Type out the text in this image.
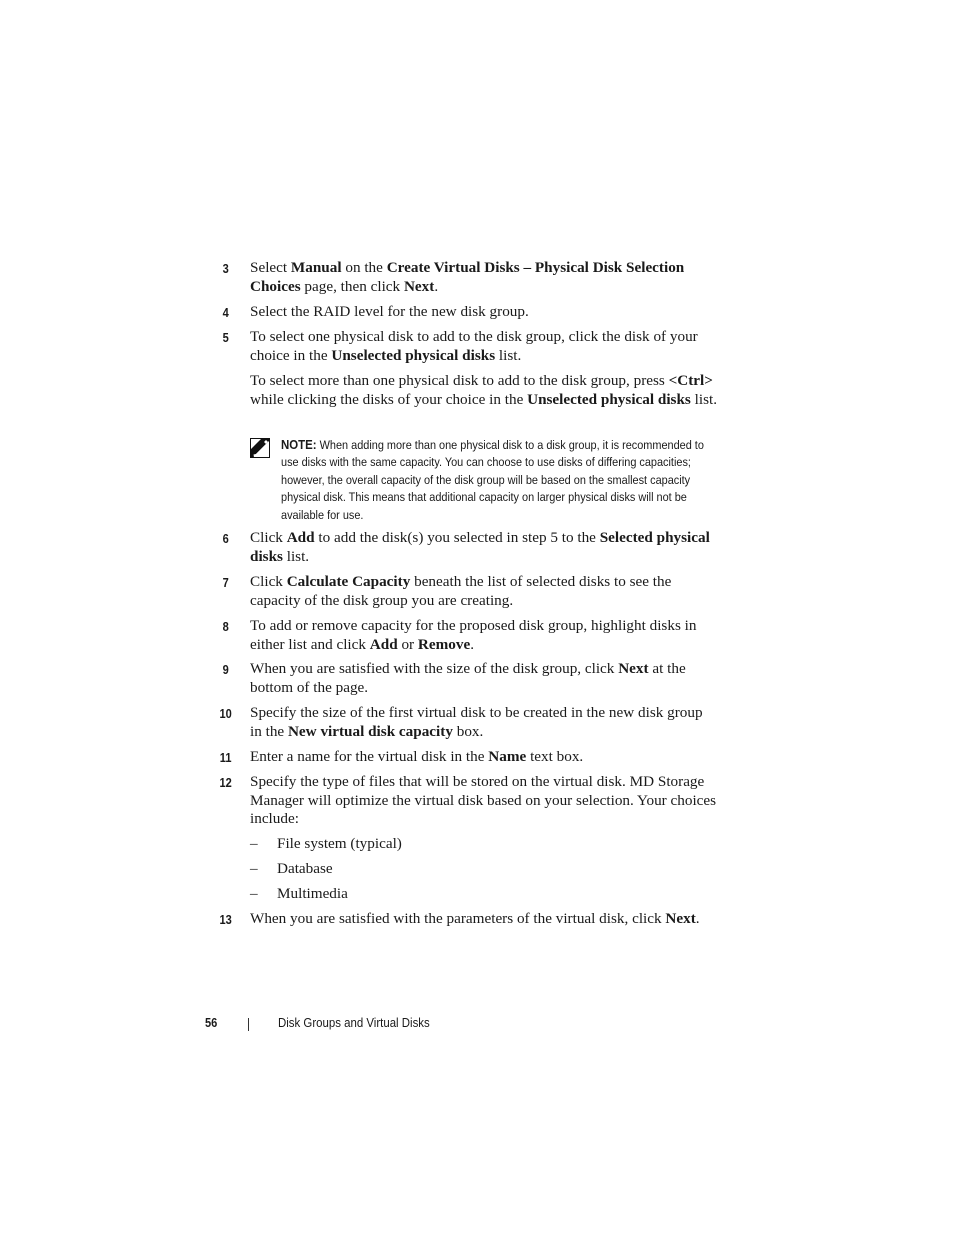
3	Select Manual on the Create Virtual Disks – Physical Disk Selection Choices page, then click Next.
4	Select the RAID level for the new disk group.
5	To select one physical disk to add to the disk group, click the disk of your choice in the Unselected physical disks list.
To select more than one physical disk to add to the disk group, press <Ctrl> while clicking the disks of your choice in the Unselected physical disks list.
NOTE: When adding more than one physical disk to a disk group, it is recommended to use disks with the same capacity. You can choose to use disks of differing capacities; however, the overall capacity of the disk group will be based on the smallest capacity physical disk. This means that additional capacity on larger physical disks will not be available for use.
6	Click Add to add the disk(s) you selected in step 5 to the Selected physical disks list.
7	Click Calculate Capacity beneath the list of selected disks to see the capacity of the disk group you are creating.
8	To add or remove capacity for the proposed disk group, highlight disks in either list and click Add or Remove.
9	When you are satisfied with the size of the disk group, click Next at the bottom of the page.
10 Specify the size of the first virtual disk to be created in the new disk group in the New virtual disk capacity box.
11 Enter a name for the virtual disk in the Name text box.
12 Specify the type of files that will be stored on the virtual disk. MD Storage Manager will optimize the virtual disk based on your selection. Your choices include:
– File system (typical)
– Database
– Multimedia
13 When you are satisfied with the parameters of the virtual disk, click Next.
56	Disk Groups and Virtual Disks
